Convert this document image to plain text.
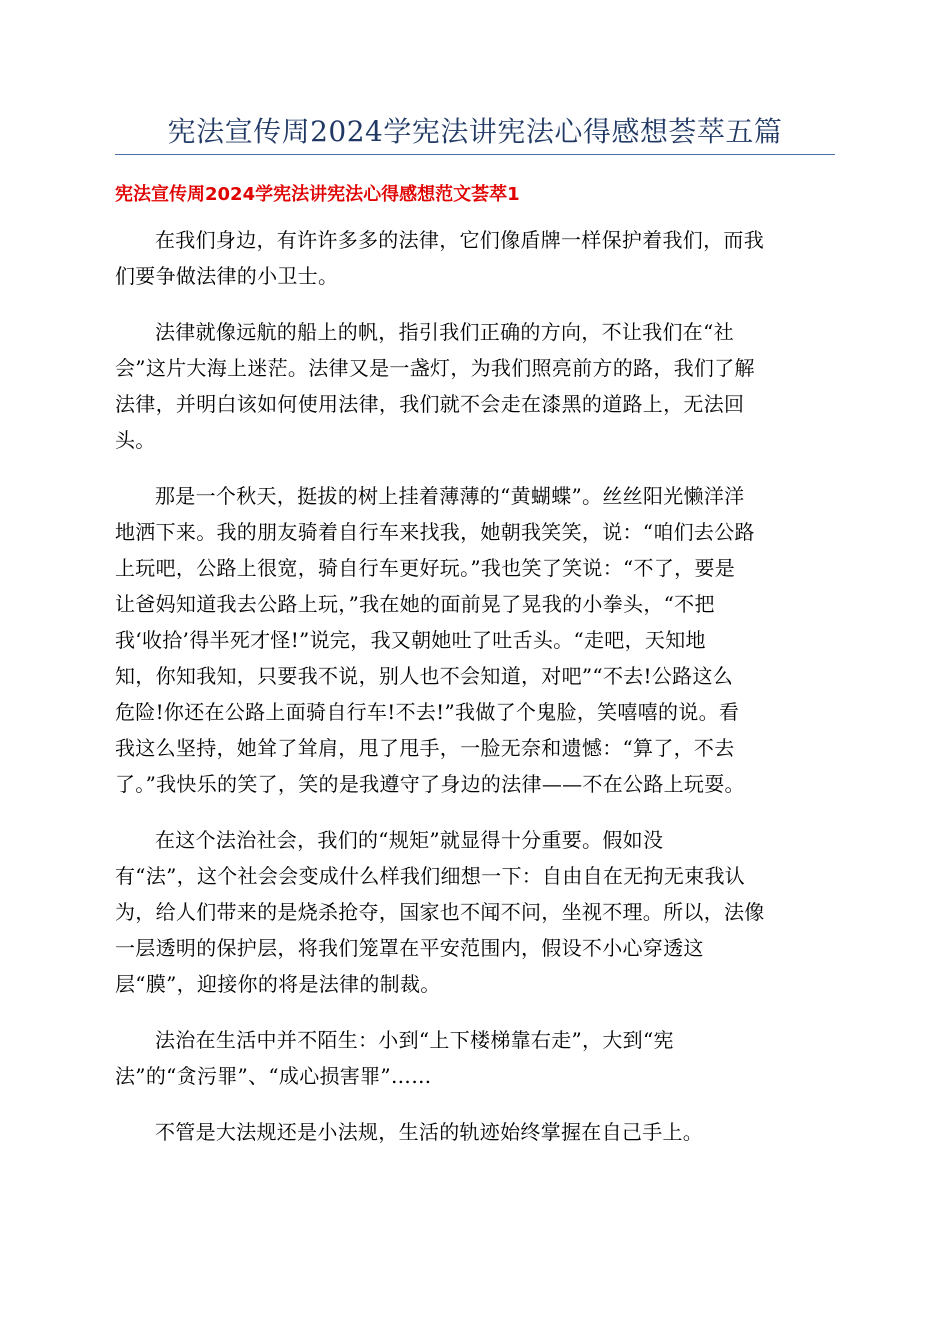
宪法宣传周2024学宪法讲宪法心得感想荟萃五篇
宪法宣传周2024学宪法讲宪法心得感想范文荟萃1

在我们身边，有许许多多的法律，它们像盾牌一样保护着我们，而我
们要争做法律的小卫士。

法律就像远航的船上的帆，指引我们正确的方向，不让我们在“社
会”这片大海上迷茫。法律又是一盏灯，为我们照亮前方的路，我们了解
法律，并明白该如何使用法律，我们就不会走在漆黑的道路上，无法回
头。

那是一个秋天，挺拔的树上挂着薄薄的“黄蝴蝶”。丝丝阳光懒洋洋
地洒下来。我的朋友骑着自行车来找我，她朝我笑笑，说：“咱们去公路
上玩吧，公路上很宽，骑自行车更好玩。”我也笑了笑说：“不了，要是
让爸妈知道我去公路上玩，”我在她的面前晃了晃我的小拳头，“不把
我‘收拾’得半死才怪!”说完，我又朝她吐了吐舌头。“走吧，天知地
知，你知我知，只要我不说，别人也不会知道，对吧”“不去!公路这么
危险!你还在公路上面骑自行车!不去!”我做了个鬼脸，笑嘻嘻的说。看
我这么坚持，她耸了耸肩，甩了甩手，一脸无奈和遗憾：“算了，不去
了。”我快乐的笑了，笑的是我遵守了身边的法律——不在公路上玩耍。

在这个法治社会，我们的“规矩”就显得十分重要。假如没
有“法”，这个社会会变成什么样我们细想一下：自由自在无拘无束我认
为，给人们带来的是烧杀抢夺，国家也不闻不问，坐视不理。所以，法像
一层透明的保护层，将我们笼罩在平安范围内，假设不小心穿透这
层“膜”，迎接你的将是法律的制裁。

法治在生活中并不陌生：小到“上下楼梯靠右走”，大到“宪
法”的“贪污罪”、“成心损害罪”……

不管是大法规还是小法规，生活的轨迹始终掌握在自己手上。
